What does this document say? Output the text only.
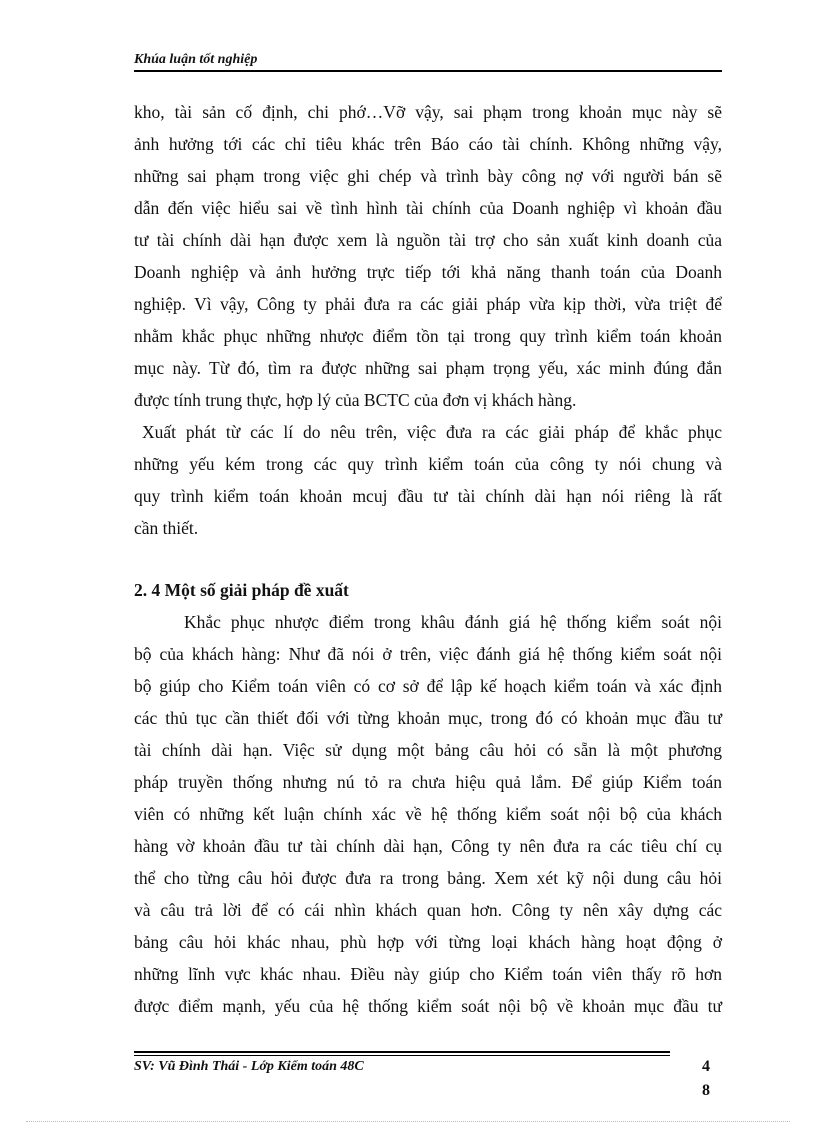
Khúa luận tốt nghiệp
kho, tài sản cố định, chi phớ…Vỡ vậy, sai phạm trong khoản mục này sẽ
ảnh hưởng tới các chỉ tiêu khác trên Báo cáo tài chính. Không những vậy,
những sai phạm trong việc ghi chép và trình bày công nợ với người bán sẽ
dẫn đến việc hiểu sai về tình hình tài chính của Doanh nghiệp vì khoản đầu
tư tài chính dài hạn được xem là nguồn tài trợ cho sản xuất kinh doanh của
Doanh nghiệp và ảnh hưởng trực tiếp tới khả năng thanh toán của Doanh
nghiệp. Vì vậy, Công ty phải đưa ra các giải pháp vừa kịp thời, vừa triệt để
nhằm khắc phục những nhược điểm tồn tại trong quy trình kiểm toán khoản
mục này. Từ đó, tìm ra được những sai phạm trọng yếu, xác minh đúng đắn
được tính trung thực, hợp lý của BCTC của đơn vị khách hàng.
Xuất phát từ các lí do nêu trên, việc đưa ra các giải pháp để khắc phục
những yếu kém trong các quy trình kiểm toán của công ty nói chung và
quy trình kiểm toán khoản mcuj đầu tư tài chính dài hạn nói riêng là rất
cần thiết.
2. 4 Một số giải pháp đề xuất
Khắc phục nhược điểm trong khâu đánh giá hệ thống kiểm soát nội
bộ của khách hàng: Như đã nói ở trên, việc đánh giá hệ thống kiểm soát nội
bộ giúp cho Kiểm toán viên có cơ sở để lập kế hoạch kiểm toán và xác định
các thủ tục cần thiết đối với từng khoản mục, trong đó có khoản mục đầu tư
tài chính dài hạn. Việc sử dụng một bảng câu hỏi có sẵn là một phương
pháp truyền thống nhưng nú tỏ ra chưa hiệu quả lắm. Để giúp Kiểm toán
viên có những kết luận chính xác về hệ thống kiểm soát nội bộ của khách
hàng vờ khoản đầu tư tài chính dài hạn, Công ty nên đưa ra các tiêu chí cụ
thể cho từng câu hỏi được đưa ra trong bảng. Xem xét kỹ nội dung câu hỏi
và câu trả lời để có cái nhìn khách quan hơn. Công ty nên xây dựng các
bảng câu hỏi khác nhau, phù hợp với từng loại khách hàng hoạt động ở
những lĩnh vực khác nhau. Điều này giúp cho Kiểm toán viên thấy rõ hơn
được điểm mạnh, yếu của hệ thống kiểm soát nội bộ về khoản mục đầu tư
SV: Vũ Đình Thái - Lớp Kiểm toán 48C	4
8
